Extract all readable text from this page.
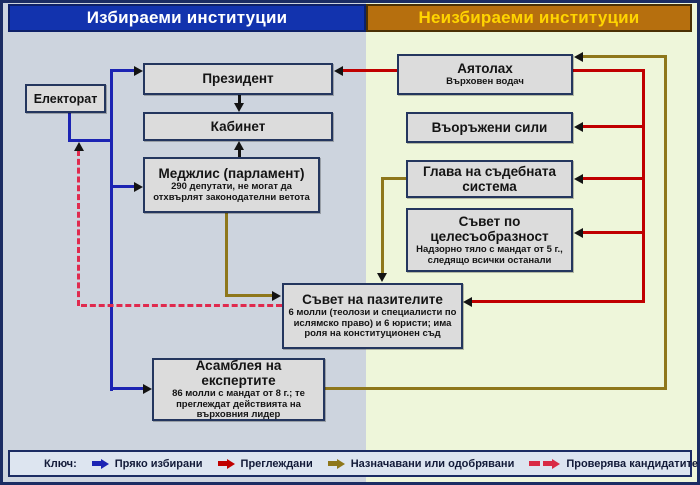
Избираеми институции	Неизбираеми институции
Електорат
Президент
Кабинет
Меджлис (парламент)
290 депутати, не могат да отхвърлят законодателни ветота
Съвет на пазителите
6 молли (теолози и специалисти по ислямско право) и 6 юристи; има роля на конституционен съд
Асамблея на експертите
86 молли с мандат от 8 г.; те преглеждат действията на върховния лидер
Аятолах
Върховен водач
Въоръжени сили
Глава на съдебната система
Съвет по целесъобразност
Надзорно тяло с мандат от 5 г., следящо всички останали
Ключ:	Пряко избирани	Преглеждани	Назначавани или одобрявани	Проверява кандидатите
